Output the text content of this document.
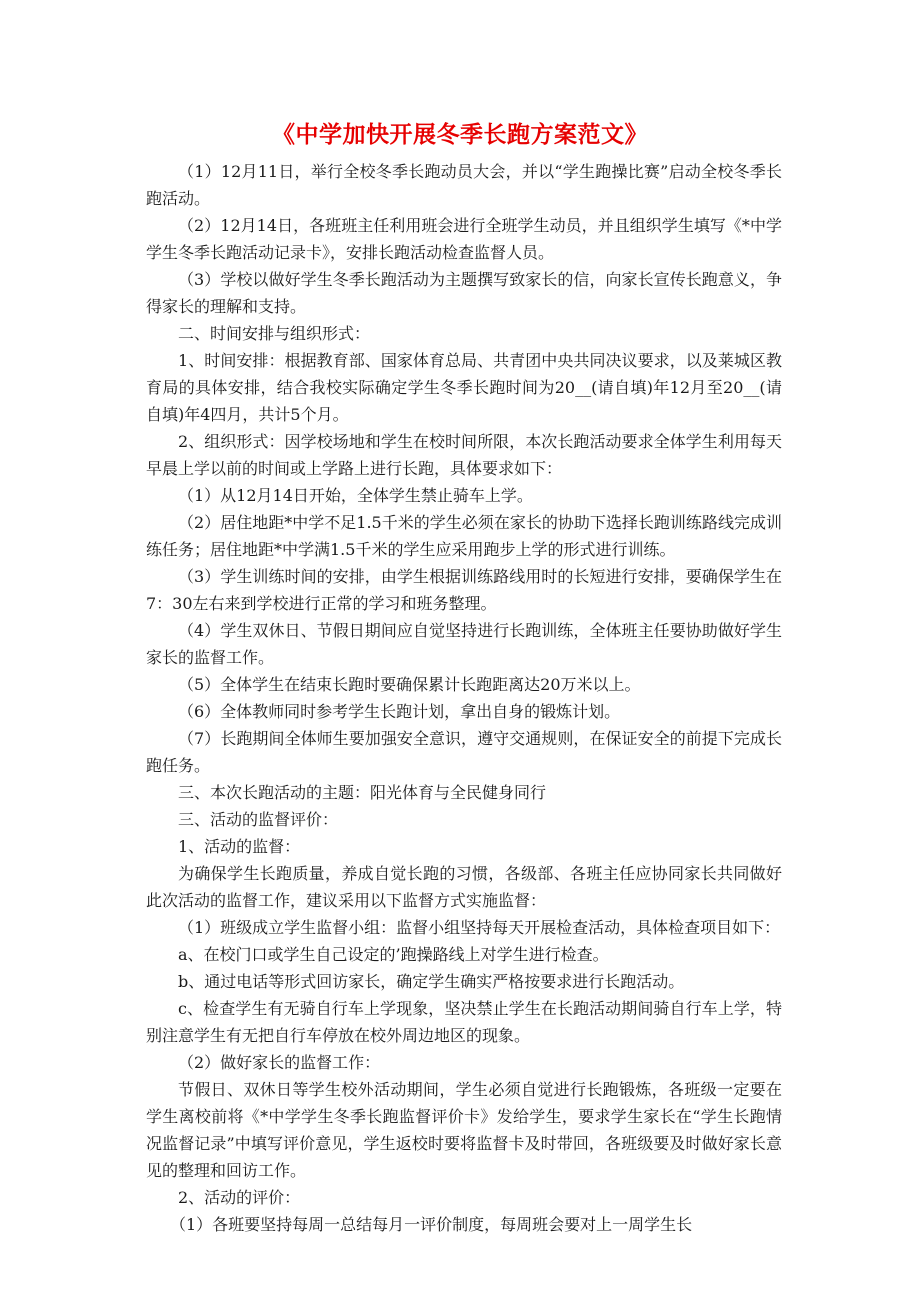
《中学加快开展冬季长跑方案范文》

（1）12月11日，举行全校冬季长跑动员大会，并以“学生跑操比赛”启动全校冬季长跑活动。

（2）12月14日，各班班主任利用班会进行全班学生动员，并且组织学生填写《*中学学生冬季长跑活动记录卡》，安排长跑活动检查监督人员。

（3）学校以做好学生冬季长跑活动为主题撰写致家长的信，向家长宣传长跑意义，争得家长的理解和支持。

二、时间安排与组织形式：

1、时间安排：根据教育部、国家体育总局、共青团中央共同决议要求，以及莱城区教育局的具体安排，结合我校实际确定学生冬季长跑时间为20__(请自填)年12月至20__(请自填)年4四月，共计5个月。

2、组织形式：因学校场地和学生在校时间所限，本次长跑活动要求全体学生利用每天早晨上学以前的时间或上学路上进行长跑，具体要求如下：

（1）从12月14日开始，全体学生禁止骑车上学。

（2）居住地距*中学不足1.5千米的学生必须在家长的协助下选择长跑训练路线完成训练任务；居住地距*中学满1.5千米的学生应采用跑步上学的形式进行训练。

（3）学生训练时间的安排，由学生根据训练路线用时的长短进行安排，要确保学生在7：30左右来到学校进行正常的学习和班务整理。

（4）学生双休日、节假日期间应自觉坚持进行长跑训练，全体班主任要协助做好学生家长的监督工作。

（5）全体学生在结束长跑时要确保累计长跑距离达20万米以上。

（6）全体教师同时参考学生长跑计划，拿出自身的锻炼计划。

（7）长跑期间全体师生要加强安全意识，遵守交通规则，在保证安全的前提下完成长跑任务。

三、本次长跑活动的主题：阳光体育与全民健身同行

三、活动的监督评价：

1、活动的监督：

为确保学生长跑质量，养成自觉长跑的习惯，各级部、各班主任应协同家长共同做好此次活动的监督工作，建议采用以下监督方式实施监督：

（1）班级成立学生监督小组：监督小组坚持每天开展检查活动，具体检查项目如下：

a、在校门口或学生自己设定的’跑操路线上对学生进行检查。

b、通过电话等形式回访家长，确定学生确实严格按要求进行长跑活动。

c、检查学生有无骑自行车上学现象，坚决禁止学生在长跑活动期间骑自行车上学，特别注意学生有无把自行车停放在校外周边地区的现象。

（2）做好家长的监督工作：

节假日、双休日等学生校外活动期间，学生必须自觉进行长跑锻炼，各班级一定要在学生离校前将《*中学学生冬季长跑监督评价卡》发给学生，要求学生家长在“学生长跑情况监督记录”中填写评价意见，学生返校时要将监督卡及时带回，各班级要及时做好家长意见的整理和回访工作。

2、活动的评价：

（1）各班要坚持每周一总结每月一评价制度，每周班会要对上一周学生长
